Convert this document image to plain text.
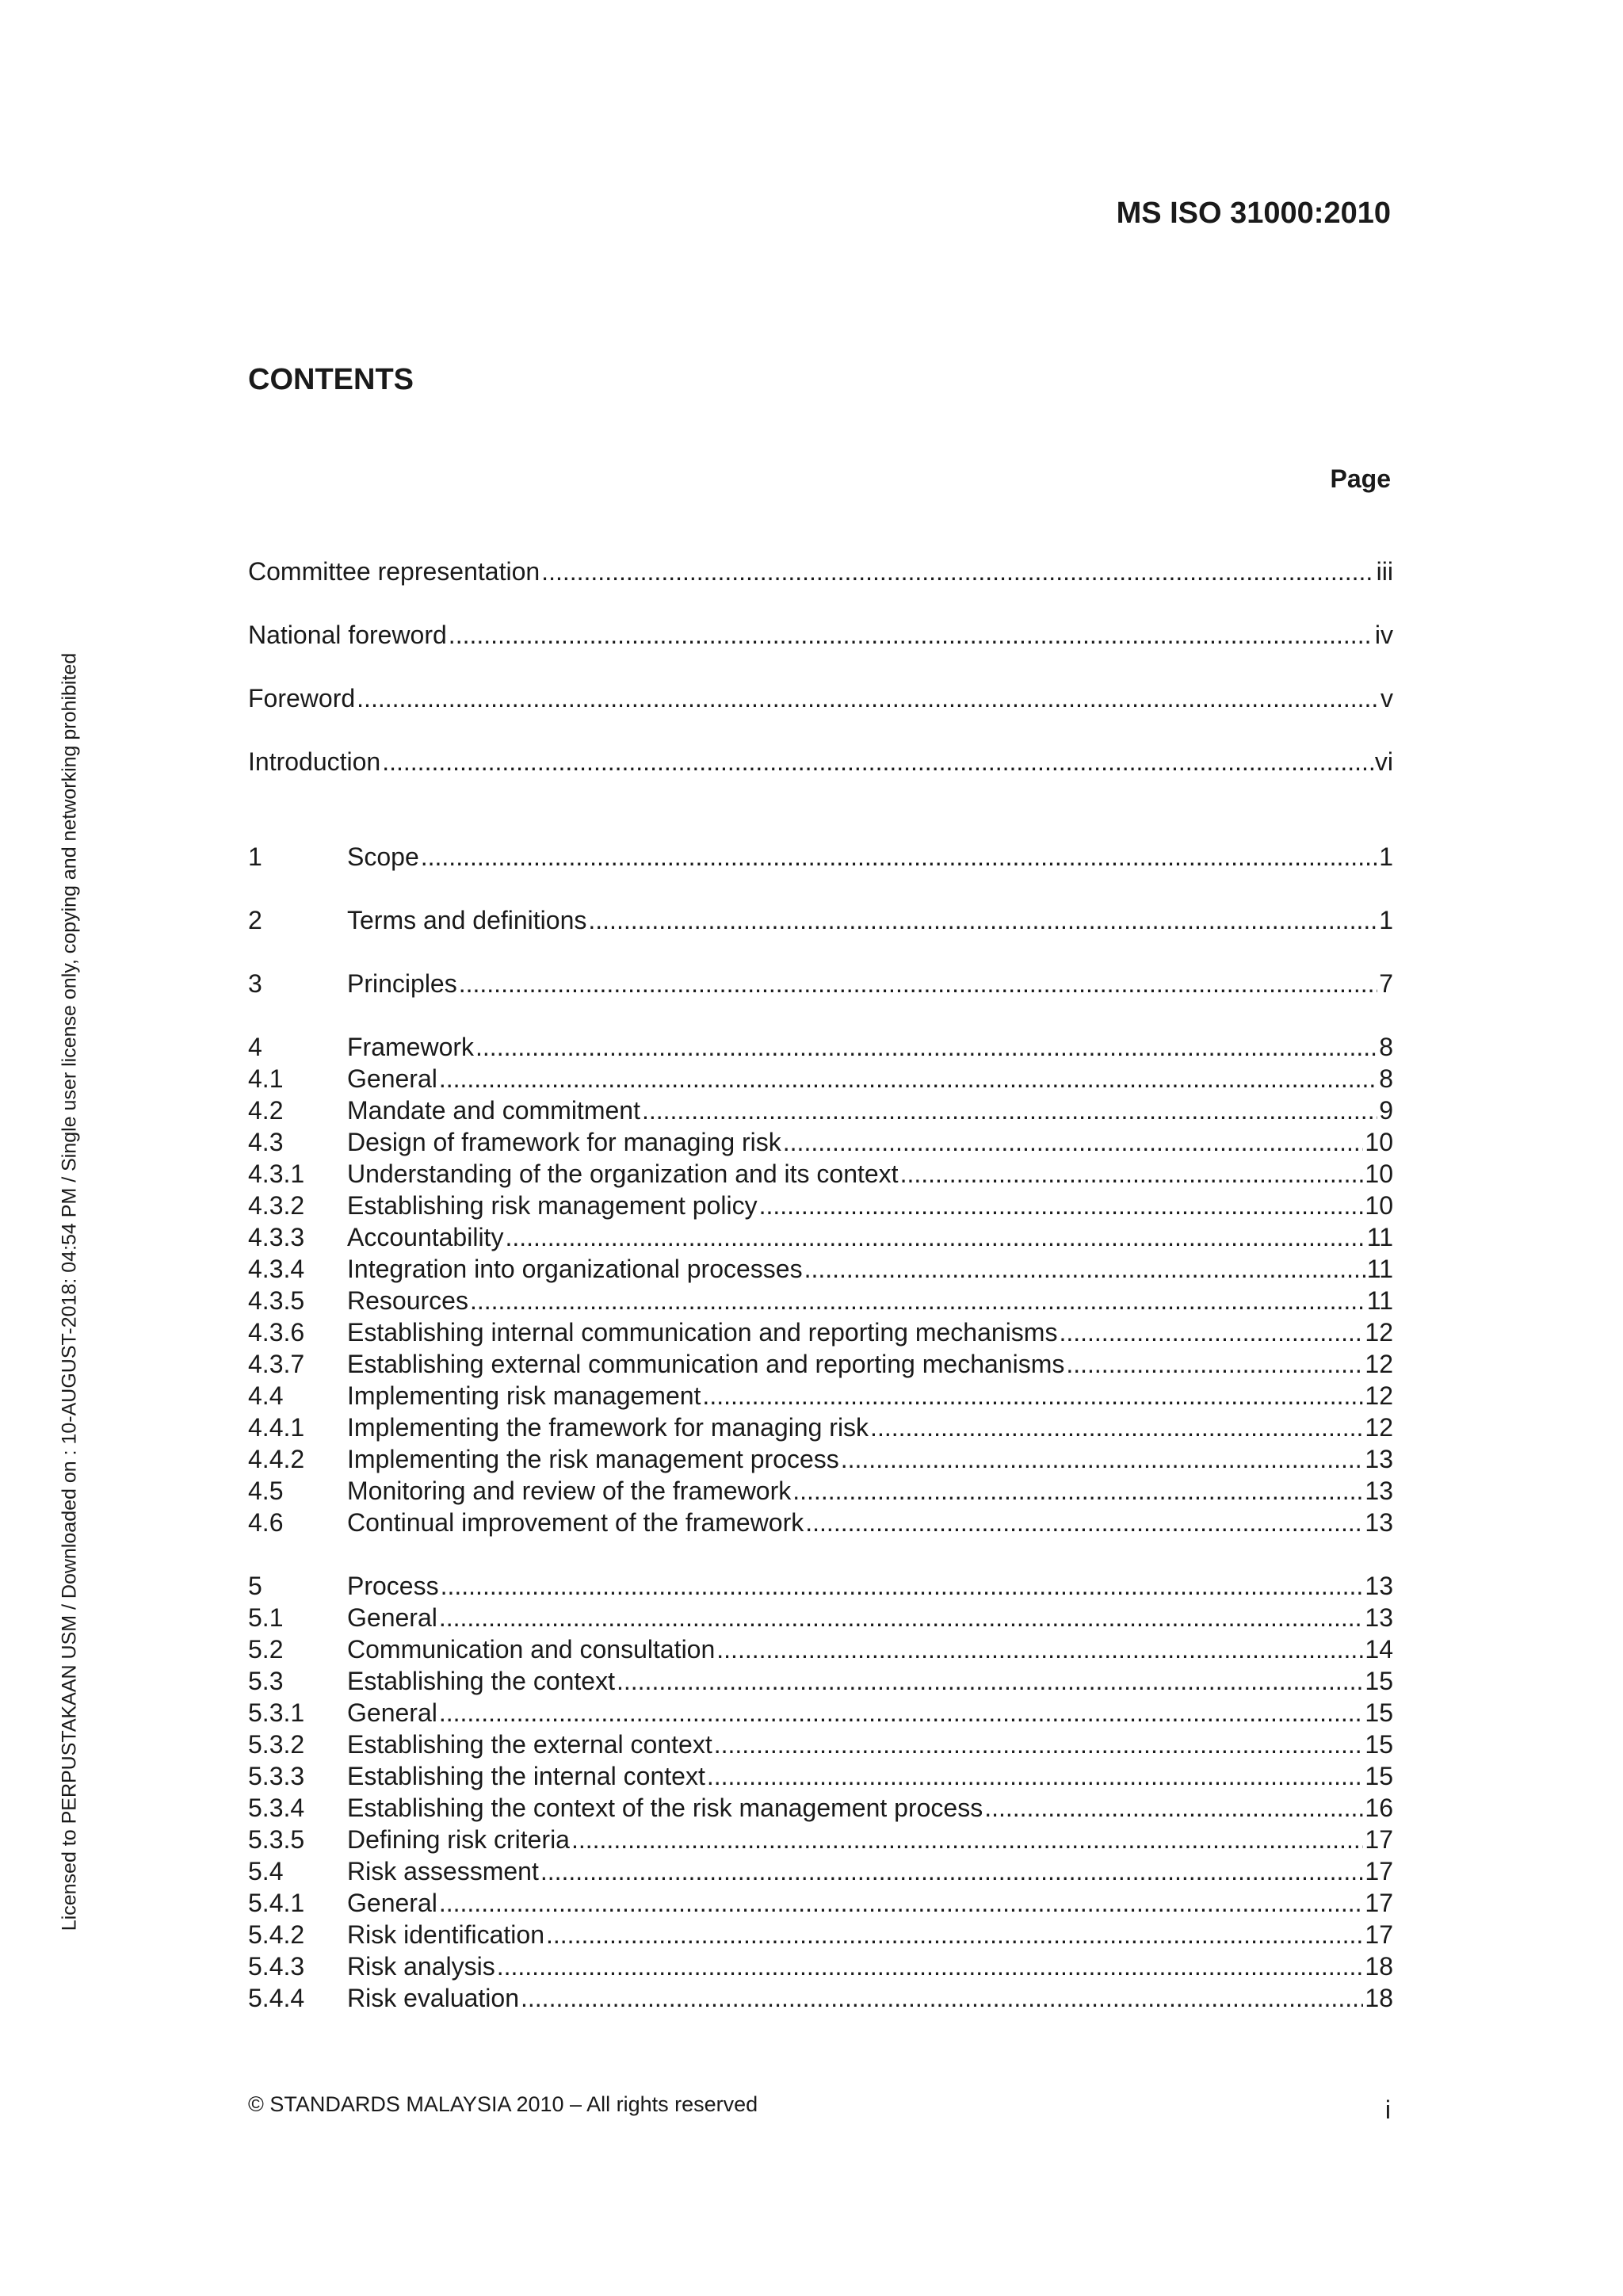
Licensed to PERPUSTAKAAN USM / Downloaded on : 10-AUGUST-2018: 04:54 PM / Single user license only, copying and networking prohibited
MS ISO 31000:2010
CONTENTS
Page
Committee representation .....	iii
National foreword .....	iv
Foreword .....	v
Introduction .....	vi
1	Scope .....	1
2	Terms and definitions .....	1
3	Principles .....	7
4	Framework .....	8
4.1	General .....	8
4.2	Mandate and commitment .....	9
4.3	Design of framework for managing risk .....	10
4.3.1	Understanding of the organization and its context .....	10
4.3.2	Establishing risk management policy .....	10
4.3.3	Accountability .....	11
4.3.4	Integration into organizational processes .....	11
4.3.5	Resources .....	11
4.3.6	Establishing internal communication and reporting mechanisms .....	12
4.3.7	Establishing external communication and reporting mechanisms .....	12
4.4	Implementing risk management .....	12
4.4.1	Implementing the framework for managing risk .....	12
4.4.2	Implementing the risk management process .....	13
4.5	Monitoring and review of the framework .....	13
4.6	Continual improvement of the framework .....	13
5	Process .....	13
5.1	General .....	13
5.2	Communication and consultation .....	14
5.3	Establishing the context .....	15
5.3.1	General .....	15
5.3.2	Establishing the external context .....	15
5.3.3	Establishing the internal context .....	15
5.3.4	Establishing the context of the risk management process .....	16
5.3.5	Defining risk criteria .....	17
5.4	Risk assessment .....	17
5.4.1	General .....	17
5.4.2	Risk identification .....	17
5.4.3	Risk analysis .....	18
5.4.4	Risk evaluation .....	18
© STANDARDS MALAYSIA 2010 – All rights reserved	i
